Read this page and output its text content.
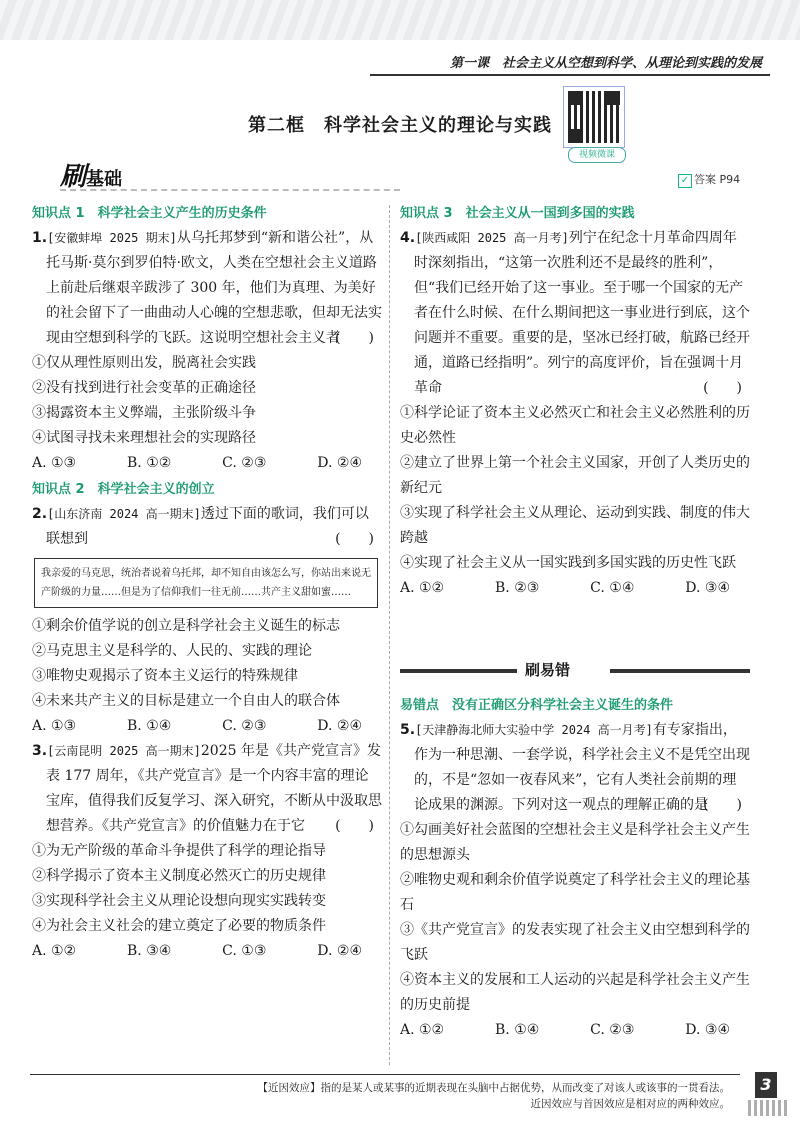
第一课　社会主义从空想到科学、从理论到实践的发展
第二框　科学社会主义的理论与实践
视频微课
刷基础	✓ 答案 P94

知识点 1　科学社会主义产生的历史条件

1.[安徽蚌埠 2025 期末]从乌托邦梦到“新和谐公社”，从托马斯·莫尔到罗伯特·欧文，人类在空想社会主义道路上前赴后继艰辛跋涉了 300 年，他们为真理、为美好的社会留下了一曲曲动人心魄的空想悲歌，但却无法实现由空想到科学的飞跃。这说明空想社会主义者
(　　)

①仅从理性原则出发，脱离社会实践

②没有找到进行社会变革的正确途径

③揭露资本主义弊端，主张阶级斗争

④试图寻找未来理想社会的实现路径

A. ①③	B. ①②	C. ②③	D. ②④

知识点 2　科学社会主义的创立

2.[山东济南 2024 高一期末]透过下面的歌词，我们可以联想到	(　　)

我亲爱的马克思，统治者说着乌托邦，却不知自由该怎么写，你站出来说无产阶级的力量……但是为了信仰我们一往无前……共产主义甜如蜜……

①剩余价值学说的创立是科学社会主义诞生的标志

②马克思主义是科学的、人民的、实践的理论

③唯物史观揭示了资本主义运行的特殊规律

④未来共产主义的目标是建立一个自由人的联合体

A. ①③	B. ①④	C. ②③	D. ②④

3.[云南昆明 2025 高一期末]2025 年是《共产党宣言》发表 177 周年，《共产党宣言》是一个内容丰富的理论宝库，值得我们反复学习、深入研究，不断从中汲取思想营养。《共产党宣言》的价值魅力在于它 (　　)

①为无产阶级的革命斗争提供了科学的理论指导

②科学揭示了资本主义制度必然灭亡的历史规律

③实现科学社会主义从理论设想向现实实践转变

④为社会主义社会的建立奠定了必要的物质条件

A. ①②	B. ③④	C. ①③	D. ②④

知识点 3　社会主义从一国到多国的实践

4.[陕西咸阳 2025 高一月考]列宁在纪念十月革命四周年时深刻指出，“这第一次胜利还不是最终的胜利”，但“我们已经开始了这一事业。至于哪一个国家的无产者在什么时候、在什么期间把这一事业进行到底，这个问题并不重要。重要的是，坚冰已经打破，航路已经开通，道路已经指明”。列宁的高度评价，旨在强调十月革命	(　　)

①科学论证了资本主义必然灭亡和社会主义必然胜利的历史必然性

②建立了世界上第一个社会主义国家，开创了人类历史的新纪元

③实现了科学社会主义从理论、运动到实践、制度的伟大跨越

④实现了社会主义从一国实践到多国实践的历史性飞跃

A. ①②	B. ②③	C. ①④	D. ③④

刷易错

易错点　没有正确区分科学社会主义诞生的条件

5.[天津静海北师大实验中学 2024 高一月考]有专家指出，作为一种思潮、一套学说，科学社会主义不是凭空出现的，不是“忽如一夜春风来”，它有人类社会前期的理论成果的渊源。下列对这一观点的理解正确的是
(　　)

①勾画美好社会蓝图的空想社会主义是科学社会主义产生的思想源头

②唯物史观和剩余价值学说奠定了科学社会主义的理论基石

③《共产党宣言》的发表实现了社会主义由空想到科学的飞跃

④资本主义的发展和工人运动的兴起是科学社会主义产生的历史前提

A. ①②	B. ①④	C. ②③	D. ③④

【近因效应】指的是某人或某事的近期表现在头脑中占据优势，从而改变了对该人或该事的一贯看法。
近因效应与首因效应是相对应的两种效应。
3
